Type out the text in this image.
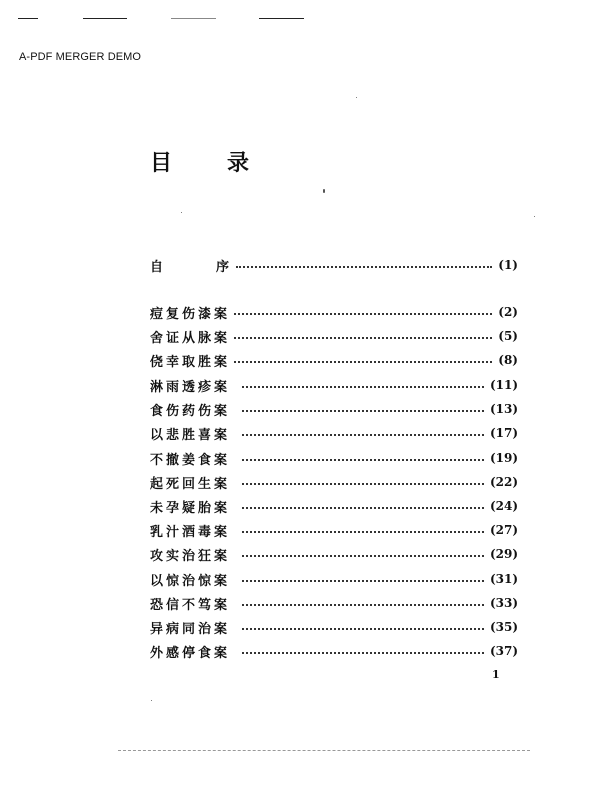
A-PDF MERGER DEMO
目 录
自	序	(1)
痘复伤漆案	(2)
舍证从脉案	(5)
侥幸取胜案	(8)
淋雨透疹案	(11)
食伤药伤案	(13)
以悲胜喜案	(17)
不撤姜食案	(19)
起死回生案	(22)
未孕疑胎案	(24)
乳汁酒毒案	(27)
攻实治狂案	(29)
以惊治惊案	(31)
恐信不笃案	(33)
异病同治案	(35)
外感停食案	(37)
1
